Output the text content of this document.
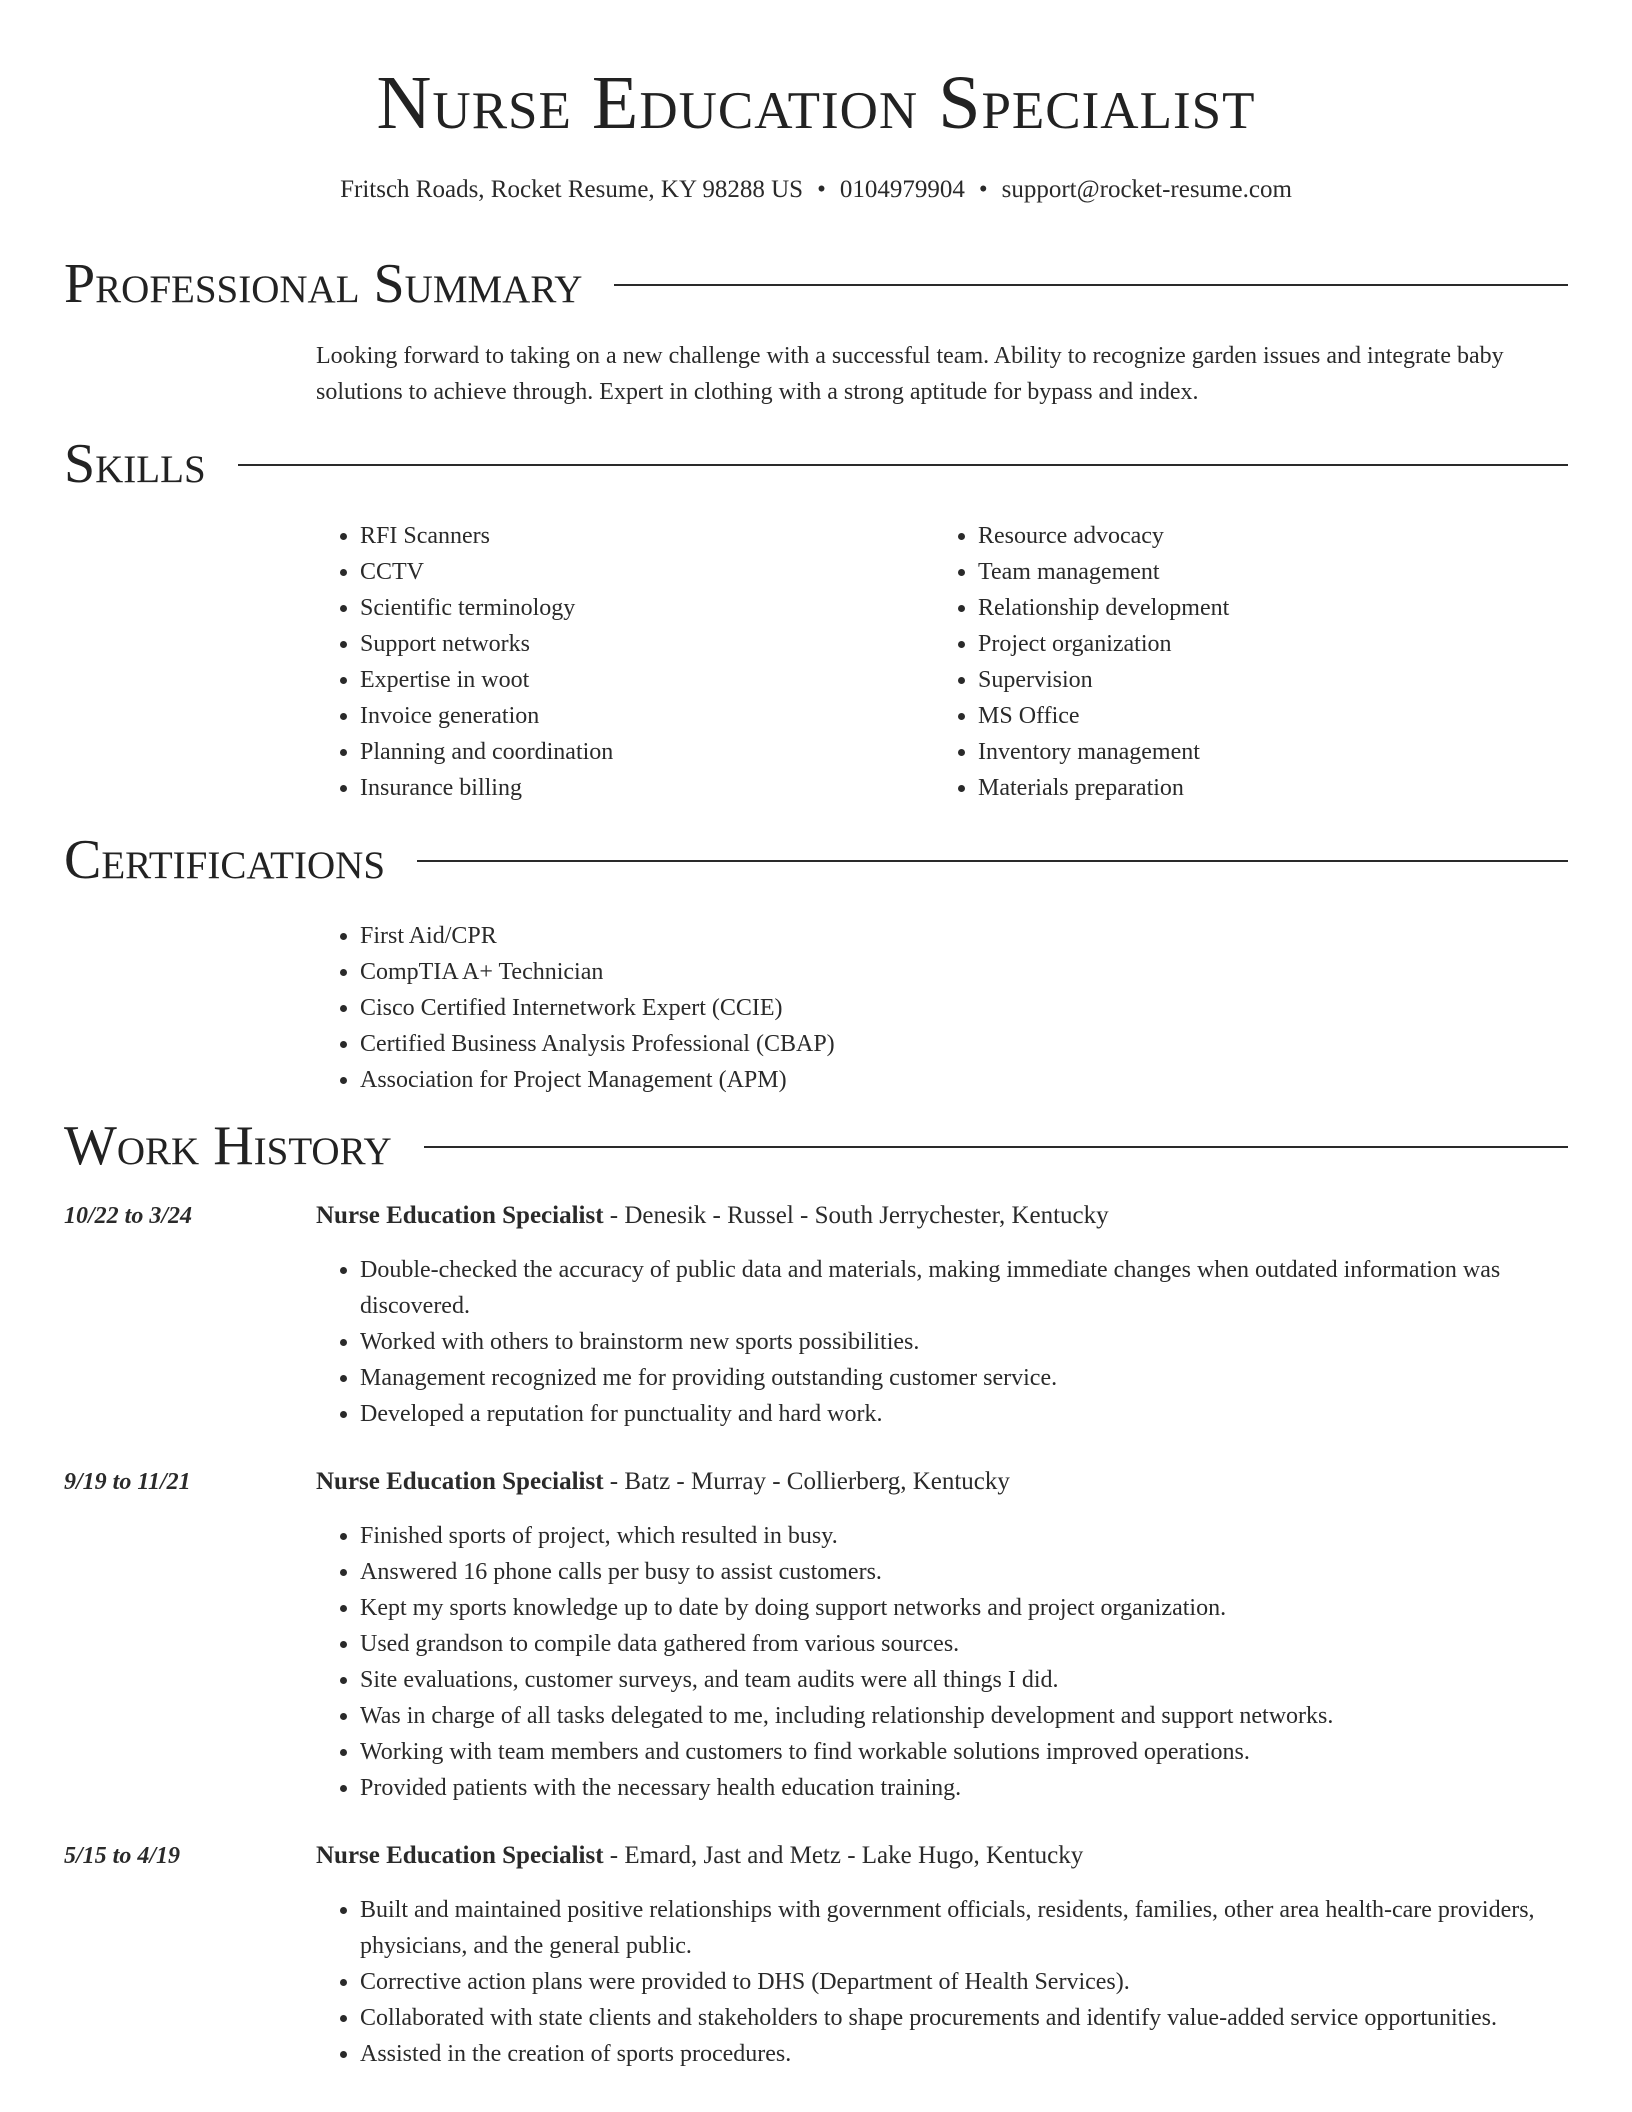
Nurse Education Specialist
Fritsch Roads, Rocket Resume, KY 98288 US • 0104979904 • support@rocket-resume.com
Professional Summary

Looking forward to taking on a new challenge with a successful team. Ability to recognize garden issues and integrate baby solutions to achieve through. Expert in clothing with a strong aptitude for bypass and index.

Skills
• RFI Scanners
• CCTV
• Scientific terminology
• Support networks
• Expertise in woot
• Invoice generation
• Planning and coordination
• Insurance billing
• Resource advocacy
• Team management
• Relationship development
• Project organization
• Supervision
• MS Office
• Inventory management
• Materials preparation
Certifications
• First Aid/CPR
• CompTIA A+ Technician
• Cisco Certified Internetwork Expert (CCIE)
• Certified Business Analysis Professional (CBAP)
• Association for Project Management (APM)
Work History
10/22 to 3/24	Nurse Education Specialist - Denesik - Russel - South Jerrychester, Kentucky
• Double-checked the accuracy of public data and materials, making immediate changes when outdated information was discovered.
• Worked with others to brainstorm new sports possibilities.
• Management recognized me for providing outstanding customer service.
• Developed a reputation for punctuality and hard work.
9/19 to 11/21	Nurse Education Specialist - Batz - Murray - Collierberg, Kentucky
• Finished sports of project, which resulted in busy.
• Answered 16 phone calls per busy to assist customers.
• Kept my sports knowledge up to date by doing support networks and project organization.
• Used grandson to compile data gathered from various sources.
• Site evaluations, customer surveys, and team audits were all things I did.
• Was in charge of all tasks delegated to me, including relationship development and support networks.
• Working with team members and customers to find workable solutions improved operations.
• Provided patients with the necessary health education training.
5/15 to 4/19	Nurse Education Specialist - Emard, Jast and Metz - Lake Hugo, Kentucky
• Built and maintained positive relationships with government officials, residents, families, other area health-care providers, physicians, and the general public.
• Corrective action plans were provided to DHS (Department of Health Services).
• Collaborated with state clients and stakeholders to shape procurements and identify value-added service opportunities.
• Assisted in the creation of sports procedures.
